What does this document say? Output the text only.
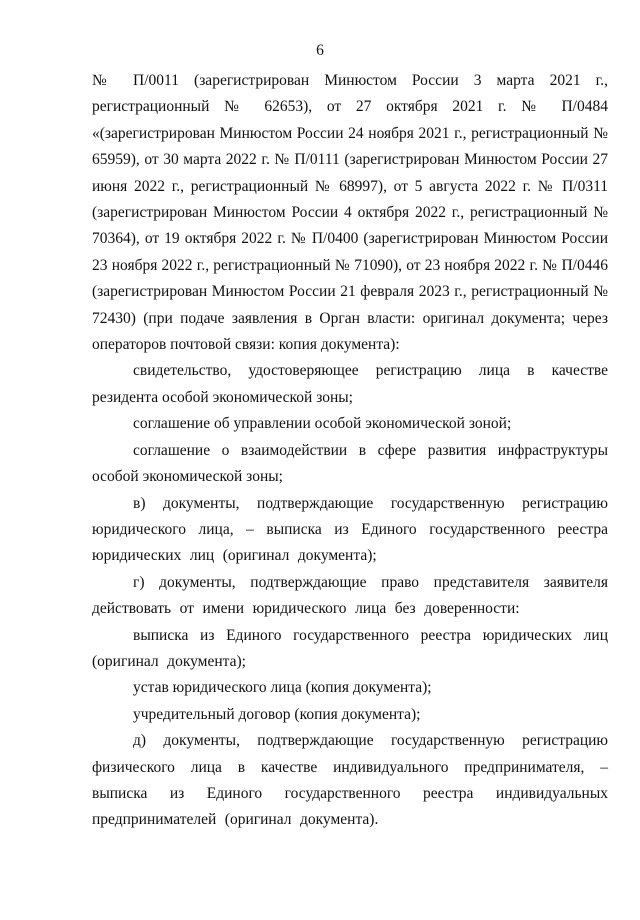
6

№ П/0011 (зарегистрирован Минюстом России 3 марта 2021 г., регистрационный № 62653), от 27 октября 2021 г. № П/0484 «(зарегистрирован Минюстом России 24 ноября 2021 г., регистрационный № 65959), от 30 марта 2022 г. № П/0111 (зарегистрирован Минюстом России 27 июня 2022 г., регистрационный № 68997), от 5 августа 2022 г. № П/0311 (зарегистрирован Минюстом России 4 октября 2022 г., регистрационный № 70364), от 19 октября 2022 г. № П/0400 (зарегистрирован Минюстом России 23 ноября 2022 г., регистрационный № 71090), от 23 ноября 2022 г. № П/0446 (зарегистрирован Минюстом России 21 февраля 2023 г., регистрационный № 72430) (при подаче заявления в Орган власти: оригинал документа; через операторов почтовой связи: копия документа):

свидетельство, удостоверяющее регистрацию лица в качестве резидента особой экономической зоны;

соглашение об управлении особой экономической зоной;

соглашение о взаимодействии в сфере развития инфраструктуры особой экономической зоны;

в) документы, подтверждающие государственную регистрацию юридического лица, – выписка из Единого государственного реестра юридических лиц (оригинал документа);

г) документы, подтверждающие право представителя заявителя действовать от имени юридического лица без доверенности:

выписка из Единого государственного реестра юридических лиц (оригинал документа);

устав юридического лица (копия документа);

учредительный договор (копия документа);

д) документы, подтверждающие государственную регистрацию физического лица в качестве индивидуального предпринимателя, – выписка из Единого государственного реестра индивидуальных предпринимателей (оригинал документа).
